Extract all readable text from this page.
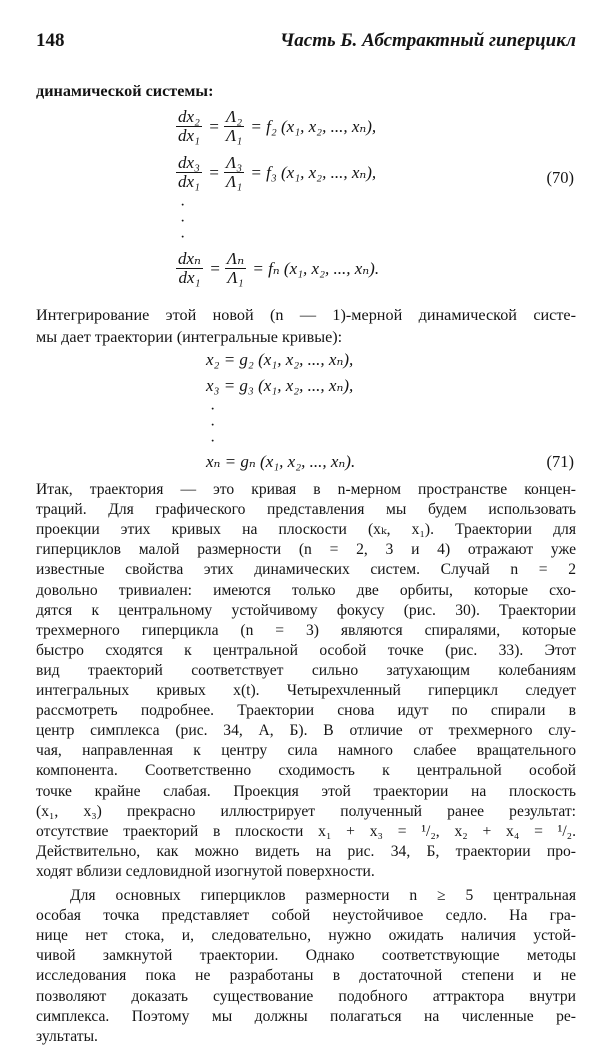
148	Часть Б. Абстрактный гиперцикл
динамической системы:
$\frac{\text{dx₂}}{\text{dx₁}} = \frac{\text{Λ₂}}{\text{Λ₁}} = f_2$ (x₁, x₂, ..., xₙ),
$\frac{\text{dx₃}}{\text{dx₁}} = \frac{\text{Λ₃}}{\text{Λ₁}} = f_3$ (x₁, x₂, ..., xₙ),	(70)
·
·
·
$\frac{\text{dxₙ}}{\text{dx₁}} = \frac{\text{Λₙ}}{\text{Λ₁}} = f_n$ (x₁, x₂, ..., xₙ).
Интегрирование этой новой (n — 1)-мерной динамической систе-
мы дает траектории (интегральные кривые):
x₂ = g₂ (x₁, x₂, ..., xₙ),
x₃ = g₃ (x₁, x₂, ..., xₙ),
·
·
·
xₙ = gₙ (x₁, x₂, ..., xₙ).	(71)
Итак, траектория — это кривая в n-мерном пространстве концен-
траций. Для графического представления мы будем использовать
проекции этих кривых на плоскости (xₖ, x₁). Траектории для
гиперциклов малой размерности (n = 2, 3 и 4) отражают уже
известные свойства этих динамических систем. Случай n = 2
довольно тривиален: имеются только две орбиты, которые схо-
дятся к центральному устойчивому фокусу (рис. 30). Траектории
трехмерного гиперцикла (n = 3) являются спиралями, которые
быстро сходятся к центральной особой точке (рис. 33). Этот
вид траекторий соответствует сильно затухающим колебаниям
интегральных кривых x(t). Четырехчленный гиперцикл следует
рассмотреть подробнее. Траектории снова идут по спирали в
центр симплекса (рис. 34, А, Б). В отличие от трехмерного слу-
чая, направленная к центру сила намного слабее вращательного
компонента. Соответственно сходимость к центральной особой
точке крайне слабая. Проекция этой траектории на плоскость
(x₁, x₃) прекрасно иллюстрирует полученный ранее результат:
отсутствие траекторий в плоскости x₁ + x₃ = ¹/₂, x₂ + x₄ = ¹/₂.
Действительно, как можно видеть на рис. 34, Б, траектории про-
ходят вблизи седловидной изогнутой поверхности.
Для основных гиперциклов размерности n ≥ 5 центральная
особая точка представляет собой неустойчивое седло. На гра-
нице нет стока, и, следовательно, нужно ожидать наличия устой-
чивой замкнутой траектории. Однако соответствующие методы
исследования пока не разработаны в достаточной степени и не
позволяют доказать существование подобного аттрактора внутри
симплекса. Поэтому мы должны полагаться на численные ре-
зультаты.
